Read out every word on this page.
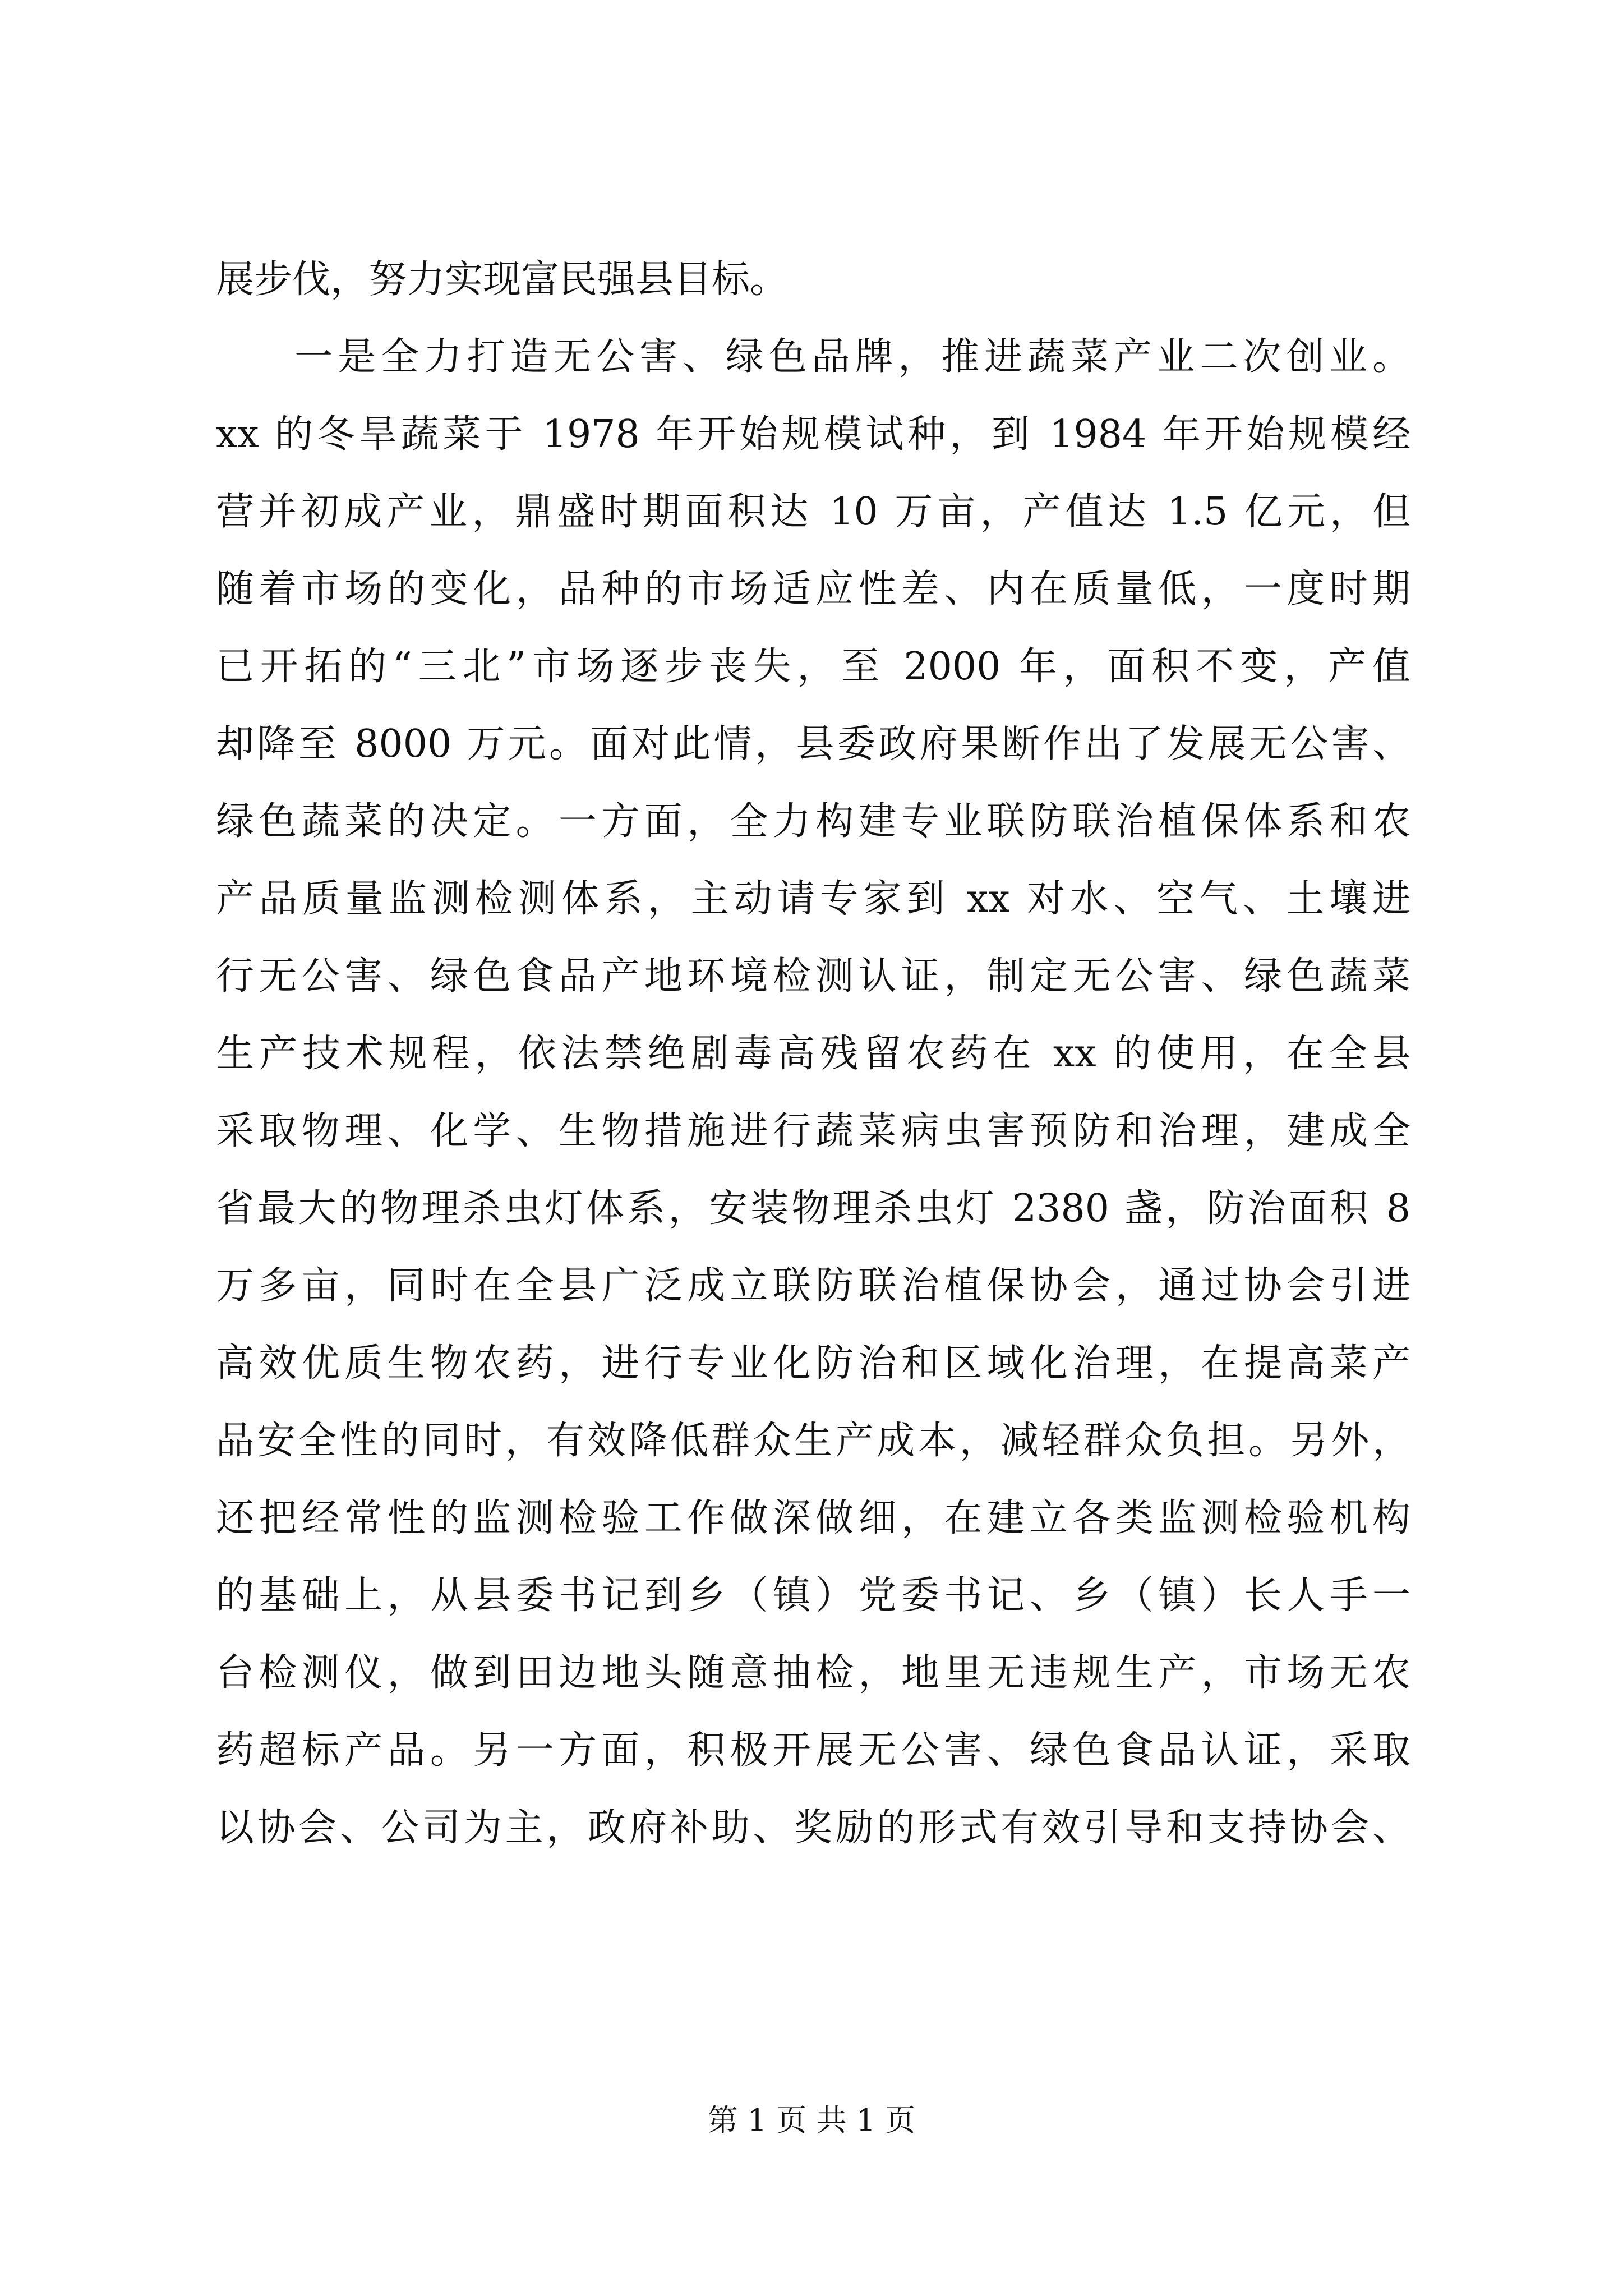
展步伐，努力实现富民强县目标。
一是全力打造无公害、绿色品牌，推进蔬菜产业二次创业。
xx 的冬旱蔬菜于 1978 年开始规模试种，到 1984 年开始规模经
营并初成产业，鼎盛时期面积达 10 万亩，产值达 1.5 亿元，但
随着市场的变化，品种的市场适应性差、内在质量低，一度时期
已开拓的“三北”市场逐步丧失，至 2000 年，面积不变，产值
却降至 8000 万元。面对此情，县委政府果断作出了发展无公害、
绿色蔬菜的决定。一方面，全力构建专业联防联治植保体系和农
产品质量监测检测体系，主动请专家到 xx 对水、空气、土壤进
行无公害、绿色食品产地环境检测认证，制定无公害、绿色蔬菜
生产技术规程，依法禁绝剧毒高残留农药在 xx 的使用，在全县
采取物理、化学、生物措施进行蔬菜病虫害预防和治理，建成全
省最大的物理杀虫灯体系，安装物理杀虫灯 2380 盏，防治面积 8
万多亩，同时在全县广泛成立联防联治植保协会，通过协会引进
高效优质生物农药，进行专业化防治和区域化治理，在提高菜产
品安全性的同时，有效降低群众生产成本，减轻群众负担。另外，
还把经常性的监测检验工作做深做细，在建立各类监测检验机构
的基础上，从县委书记到乡（镇）党委书记、乡（镇）长人手一
台检测仪，做到田边地头随意抽检，地里无违规生产，市场无农
药超标产品。另一方面，积极开展无公害、绿色食品认证，采取
以协会、公司为主，政府补助、奖励的形式有效引导和支持协会、
第 1 页 共 1 页
